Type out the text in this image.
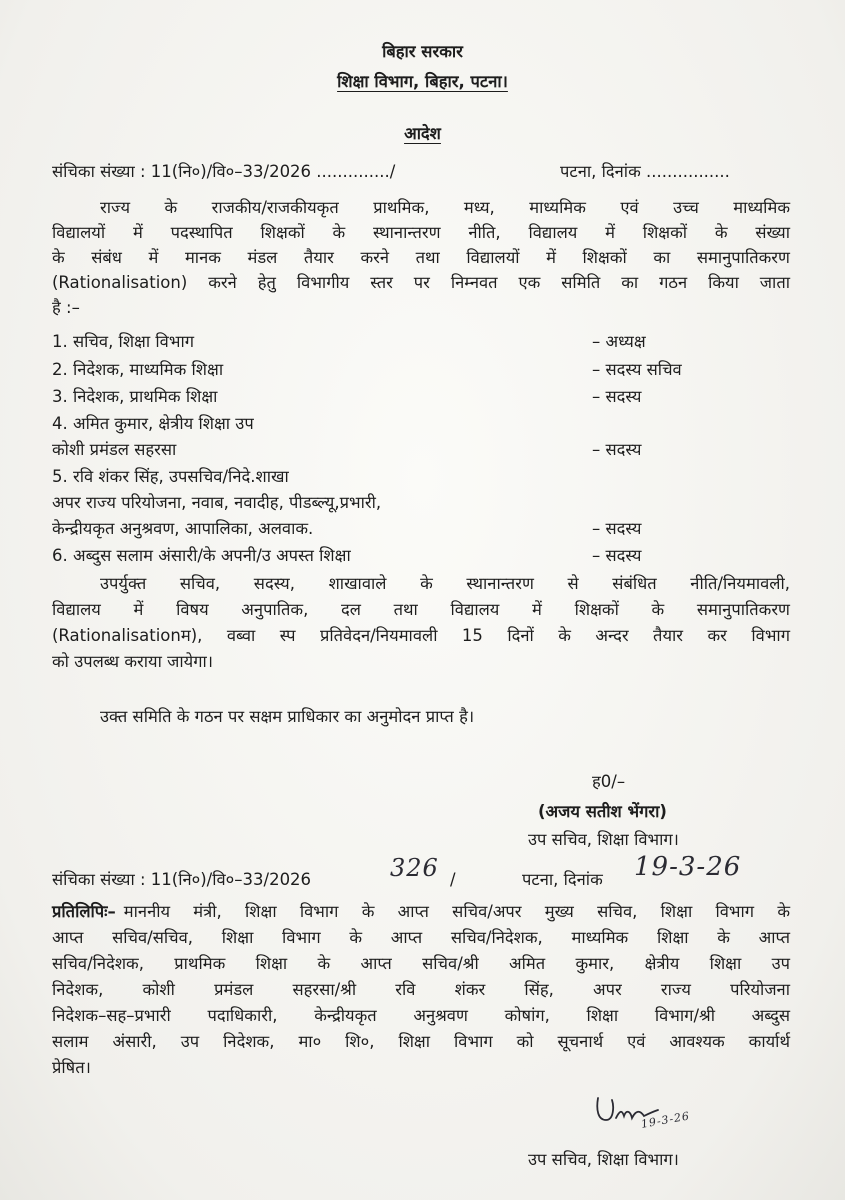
बिहार सरकार
शिक्षा विभाग, बिहार, पटना।
आदेश
संचिका संख्या : 11(नि०)/वि०–33/2026 ............../	पटना, दिनांक ................
राज्य के राजकीय/राजकीयकृत प्राथमिक, मध्य, माध्यमिक एवं उच्च माध्यमिक
विद्यालयों में पदस्थापित शिक्षकों के स्थानान्तरण नीति, विद्यालय में शिक्षकों के संख्या
के संबंध में मानक मंडल तैयार करने तथा विद्यालयों में शिक्षकों का समानुपातिकरण
(Rationalisation) करने हेतु विभागीय स्तर पर निम्नवत एक समिति का गठन किया जाता
है :–
1. सचिव, शिक्षा विभाग	– अध्यक्ष
2. निदेशक, माध्यमिक शिक्षा	– सदस्य सचिव
3. निदेशक, प्राथमिक शिक्षा	– सदस्य
4. अमित कुमार, क्षेत्रीय शिक्षा उप
कोशी प्रमंडल सहरसा	– सदस्य
5. रवि शंकर सिंह, उपसचिव/निदे.शाखा
अपर राज्य परियोजना, नवाब, नवादीह, पीडब्ल्यू,प्रभारी,
केन्द्रीयकृत अनुश्रवण, आपालिका, अलवाक.	– सदस्य
6. अब्दुस सलाम अंसारी/के अपनी/उ अपस्त शिक्षा	– सदस्य
उपर्युक्त सचिव, सदस्य, शाखावाले के स्थानान्तरण से संबंधित नीति/नियमावली,
विद्यालय में विषय अनुपातिक, दल तथा विद्यालय में शिक्षकों के समानुपातिकरण
(Rationalisationम), वब्वा स्प प्रतिवेदन/नियमावली 15 दिनों के अन्दर तैयार कर विभाग
को उपलब्ध कराया जायेगा।
उक्त समिति के गठन पर सक्षम प्राधिकार का अनुमोदन प्राप्त है।
ह0/–
(अजय सतीश भेंगरा)
उप सचिव, शिक्षा विभाग।
संचिका संख्या : 11(नि०)/वि०–33/2026	326 /	पटना, दिनांक 19-3-26
प्रतिलिपिः– माननीय मंत्री, शिक्षा विभाग के आप्त सचिव/अपर मुख्य सचिव, शिक्षा विभाग के
आप्त सचिव/सचिव, शिक्षा विभाग के आप्त सचिव/निदेशक, माध्यमिक शिक्षा के आप्त
सचिव/निदेशक, प्राथमिक शिक्षा के आप्त सचिव/श्री अमित कुमार, क्षेत्रीय शिक्षा उप
निदेशक, कोशी प्रमंडल सहरसा/श्री रवि शंकर सिंह, अपर राज्य परियोजना
निदेशक–सह–प्रभारी पदाधिकारी, केन्द्रीयकृत अनुश्रवण कोषांग, शिक्षा विभाग/श्री अब्दुस
सलाम अंसारी, उप निदेशक, मा० शि०, शिक्षा विभाग को सूचनार्थ एवं आवश्यक कार्यार्थ
प्रेषित।
19-3-26
उप सचिव, शिक्षा विभाग।
